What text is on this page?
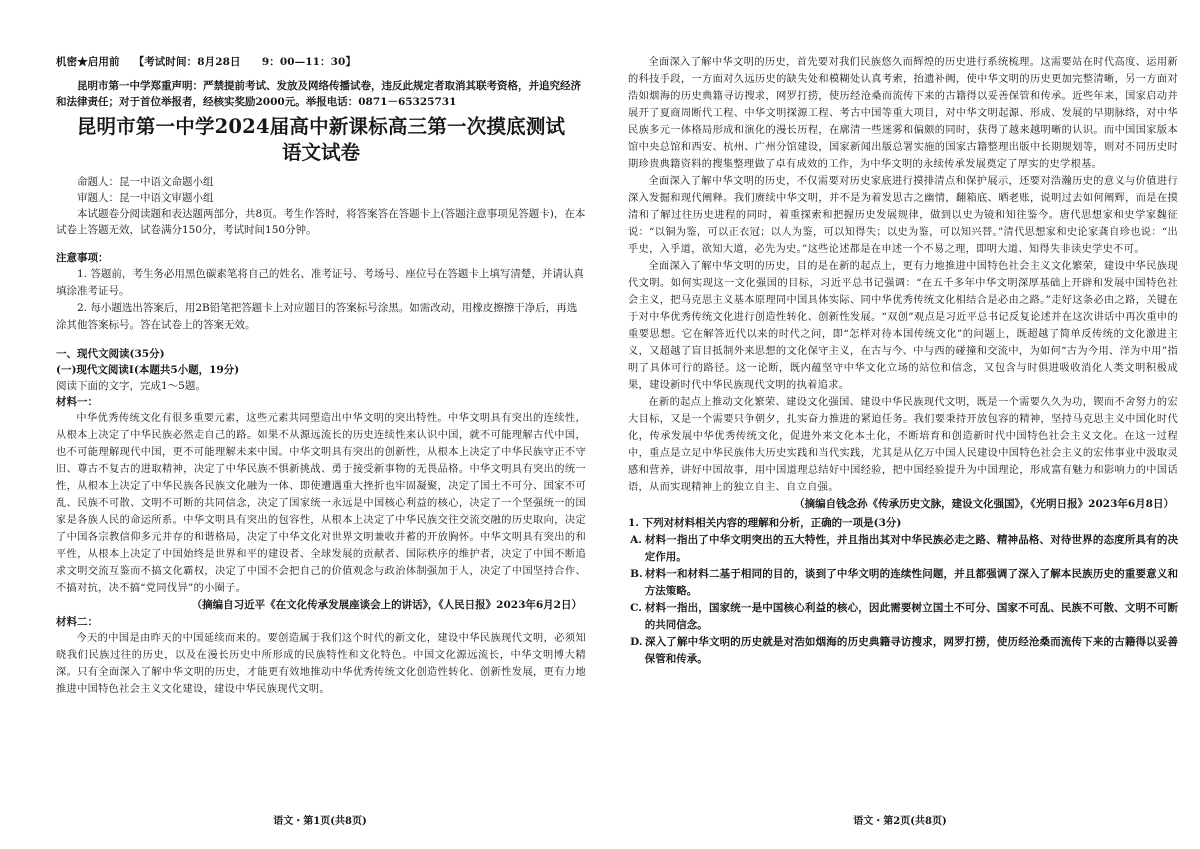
机密★启用前 【考试时间：8月28日　　9：00—11：30】
昆明市第一中学郑重声明：严禁提前考试、发放及网络传播试卷，违反此规定者取消其联考资格，并追究经济和法律责任；对于首位举报者，经核实奖励2000元。举报电话：0871－65325731
昆明市第一中学2024届高中新课标高三第一次摸底测试
语文试卷
命题人：昆一中语文命题小组
审题人：昆一中语文审题小组
本试题卷分阅读题和表达题两部分，共8页。考生作答时，将答案答在答题卡上(答题注意事项见答题卡)，在本试卷上答题无效，试卷满分150分，考试时间150分钟。
注意事项：
1. 答题前，考生务必用黑色碳素笔将自己的姓名、准考证号、考场号、座位号在答题卡上填写清楚，并请认真填涂准考证号。
2. 每小题选出答案后，用2B铅笔把答题卡上对应题目的答案标号涂黑。如需改动，用橡皮擦擦干净后，再选涂其他答案标号。答在试卷上的答案无效。
一、现代文阅读(35分)
(一)现代文阅读Ⅰ(本题共5小题，19分)
阅读下面的文字，完成1～5题。
材料一：
中华优秀传统文化有很多重要元素，这些元素共同塑造出中华文明的突出特性。中华文明具有突出的连续性，从根本上决定了中华民族必然走自己的路。如果不从源远流长的历史连续性来认识中国，就不可能理解古代中国，也不可能理解现代中国，更不可能理解未来中国。中华文明具有突出的创新性，从根本上决定了中华民族守正不守旧、尊古不复古的进取精神，决定了中华民族不惧新挑战、勇于接受新事物的无畏品格。中华文明具有突出的统一性，从根本上决定了中华民族各民族文化融为一体、即使遭遇重大挫折也牢固凝聚，决定了国土不可分、国家不可乱、民族不可散、文明不可断的共同信念，决定了国家统一永远是中国核心利益的核心，决定了一个坚强统一的国家是各族人民的命运所系。中华文明具有突出的包容性，从根本上决定了中华民族交往交流交融的历史取向，决定了中国各宗教信仰多元并存的和谐格局，决定了中华文化对世界文明兼收并蓄的开放胸怀。中华文明具有突出的和平性，从根本上决定了中国始终是世界和平的建设者、全球发展的贡献者、国际秩序的维护者，决定了中国不断追求文明交流互鉴而不搞文化霸权，决定了中国不会把自己的价值观念与政治体制强加于人，决定了中国坚持合作、不搞对抗，决不搞“党同伐异”的小圈子。
（摘编自习近平《在文化传承发展座谈会上的讲话》，《人民日报》2023年6月2日）
材料二：
今天的中国是由昨天的中国延续而来的。要创造属于我们这个时代的新文化，建设中华民族现代文明，必须知晓我们民族过往的历史，以及在漫长历史中所形成的民族特性和文化特色。中国文化源远流长，中华文明博大精深。只有全面深入了解中华文明的历史，才能更有效地推动中华优秀传统文化创造性转化、创新性发展，更有力地推进中国特色社会主义文化建设，建设中华民族现代文明。
语文・第1页(共8页)
全面深入了解中华文明的历史，首先要对我们民族悠久而辉煌的历史进行系统梳理。这需要站在时代高度、运用新的科技手段，一方面对久远历史的缺失处和模糊处认真考索，抬遗补阙，使中华文明的历史更加完整清晰，另一方面对浩如烟海的历史典籍寻访搜求，网罗打捞，使历经沧桑而流传下来的古籍得以妥善保管和传承。近些年来，国家启动并展开了夏商周断代工程、中华文明探源工程、考古中国等重大项目，对中华文明起源、形成、发展的早期脉络，对中华民族多元一体格局形成和演化的漫长历程，在廓清一些迷雾和偏颇的同时，获得了越来越明晰的认识。而中国国家版本馆中央总馆和西安、杭州、广州分馆建设，国家新闻出版总署实施的国家古籍整理出版中长期规划等，则对不同历史时期珍贵典籍资料的搜集整理做了卓有成效的工作，为中华文明的永续传承发展奠定了厚实的史学根基。
全面深入了解中华文明的历史，不仅需要对历史家底进行摸排清点和保护展示，还要对浩瀚历史的意义与价值进行深入发掘和现代阐释。我们赓续中华文明，并不是为着发思古之幽情，翻箱底、晒老账，说明过去如何阐辉，而是在摸清和了解过往历史进程的同时，着重探索和把握历史发展规律，做到以史为镜和知往鉴今。唐代思想家和史学家魏征说：“以铜为鉴，可以正衣冠；以人为鉴，可以知得失；以史为鉴，可以知兴替。”清代思想家和史论家龚自珍也说：“出乎史，入乎道，欲知大道，必先为史。”这些论述都是在申述一个不易之理，即明大道、知得失非读史学史不可。
全面深入了解中华文明的历史，目的是在新的起点上，更有力地推进中国特色社会主义文化繁荣，建设中华民族现代文明。如何实现这一文化强国的目标，习近平总书记强调：“在五千多年中华文明深厚基础上开辟和发展中国特色社会主义，把马克思主义基本原理同中国具体实际、同中华优秀传统文化相结合是必由之路。”走好这条必由之路，关键在于对中华优秀传统文化进行创造性转化、创新性发展。“双创”观点是习近平总书记反复论述并在这次讲话中再次重申的重要思想。它在解答近代以来的时代之问，即“怎样对待本国传统文化”的问题上，既超越了简单反传统的文化激进主义，又超越了盲目抵制外来思想的文化保守主义，在古与今、中与西的碰撞和交流中，为如何“古为今用、洋为中用”指明了具体可行的路径。这一论断，既内蕴坚守中华文化立场的站位和信念，又包含与时俱进吸收消化人类文明积极成果，建设新时代中华民族现代文明的执着追求。
在新的起点上推动文化繁荣、建设文化强国、建设中华民族现代文明，既是一个需要久久为功，锲而不舍努力的宏大目标，又是一个需要只争朝夕，扎实奋力推进的紧迫任务。我们要秉持开放包容的精神，坚持马克思主义中国化时代化，传承发展中华优秀传统文化，促进外来文化本土化，不断培育和创造新时代中国特色社会主义文化。在这一过程中，重点是立足中华民族伟大历史实践和当代实践，尤其是从亿万中国人民建设中国特色社会主义的宏伟事业中汲取灵感和营养，讲好中国故事，用中国道理总结好中国经验，把中国经验提升为中国理论，形成富有魅力和影响力的中国话语，从而实现精神上的独立自主、自立自强。
（摘编自钱念孙《传承历史文脉，建设文化强国》，《光明日报》2023年6月8日）
1. 下列对材料相关内容的理解和分析，正确的一项是(3分)
A. 材料一指出了中华文明突出的五大特性，并且指出其对中华民族必走之路、精神品格、对待世界的态度所具有的决定作用。
B. 材料一和材料二基于相同的目的，谈到了中华文明的连续性问题，并且都强调了深入了解本民族历史的重要意义和方法策略。
C. 材料一指出，国家统一是中国核心利益的核心，因此需要树立国土不可分、国家不可乱、民族不可散、文明不可断的共同信念。
D. 深入了解中华文明的历史就是对浩如烟海的历史典籍寻访搜求，网罗打捞，使历经沧桑而流传下来的古籍得以妥善保管和传承。
语文・第2页(共8页)
